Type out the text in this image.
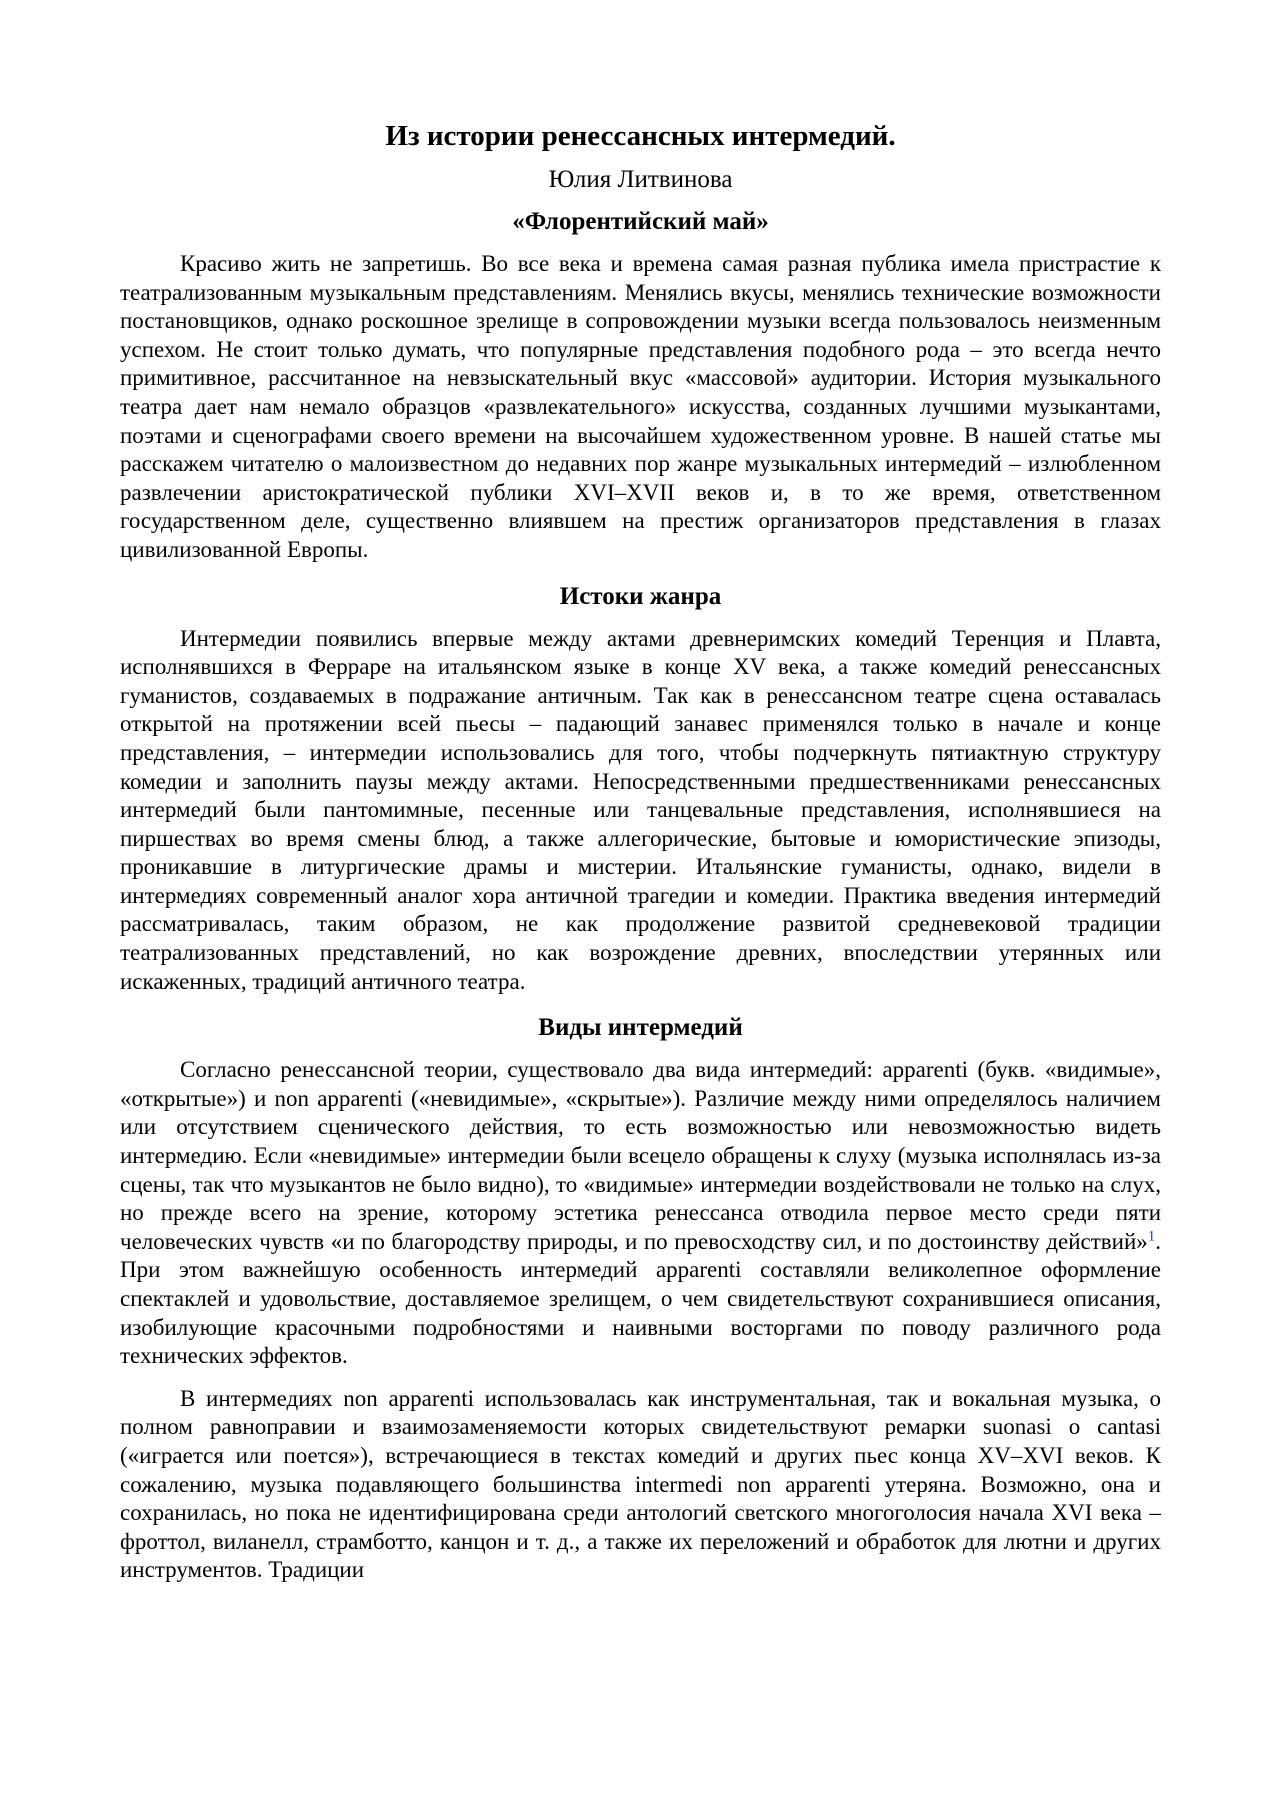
Из истории ренессансных интермедий.
Юлия Литвинова
«Флорентийский май»

Красиво жить не запретишь. Во все века и времена самая разная публика имела пристрастие к театрализованным музыкальным представлениям. Менялись вкусы, менялись технические возможности постановщиков, однако роскошное зрелище в сопровождении музыки всегда пользовалось неизменным успехом. Не стоит только думать, что популярные представления подобного рода – это всегда нечто примитивное, рассчитанное на невзыскательный вкус «массовой» аудитории. История музыкального театра дает нам немало образцов «развлекательного» искусства, созданных лучшими музыкантами, поэтами и сценографами своего времени на высочайшем художественном уровне. В нашей статье мы расскажем читателю о малоизвестном до недавних пор жанре музыкальных интермедий – излюбленном развлечении аристократической публики XVI–XVII веков и, в то же время, ответственном государственном деле, существенно влиявшем на престиж организаторов представления в глазах цивилизованной Европы.

Истоки жанра

Интермедии появились впервые между актами древнеримских комедий Теренция и Плавта, исполнявшихся в Ферраре на итальянском языке в конце XV века, а также комедий ренессансных гуманистов, создаваемых в подражание античным. Так как в ренессансном театре сцена оставалась открытой на протяжении всей пьесы – падающий занавес применялся только в начале и конце представления, – интермедии использовались для того, чтобы подчеркнуть пятиактную структуру комедии и заполнить паузы между актами. Непосредственными предшественниками ренессансных интермедий были пантомимные, песенные или танцевальные представления, исполнявшиеся на пиршествах во время смены блюд, а также аллегорические, бытовые и юмористические эпизоды, проникавшие в литургические драмы и мистерии. Итальянские гуманисты, однако, видели в интермедиях современный аналог хора античной трагедии и комедии. Практика введения интермедий рассматривалась, таким образом, не как продолжение развитой средневековой традиции театрализованных представлений, но как возрождение древних, впоследствии утерянных или искаженных, традиций античного театра.

Виды интермедий

Согласно ренессансной теории, существовало два вида интермедий: apparenti (букв. «видимые», «открытые») и non apparenti («невидимые», «скрытые»). Различие между ними определялось наличием или отсутствием сценического действия, то есть возможностью или невозможностью видеть интермедию. Если «невидимые» интермедии были всецело обращены к слуху (музыка исполнялась из-за сцены, так что музыкантов не было видно), то «видимые» интермедии воздействовали не только на слух, но прежде всего на зрение, которому эстетика ренессанса отводила первое место среди пяти человеческих чувств «и по благородству природы, и по превосходству сил, и по достоинству действий»$^1$. При этом важнейшую особенность интермедий apparenti составляли великолепное оформление спектаклей и удовольствие, доставляемое зрелищем, о чем свидетельствуют сохранившиеся описания, изобилующие красочными подробностями и наивными восторгами по поводу различного рода технических эффектов.

В интермедиях non apparenti использовалась как инструментальная, так и вокальная музыка, о полном равноправии и взаимозаменяемости которых свидетельствуют ремарки suonasi o cantasi («играется или поется»), встречающиеся в текстах комедий и других пьес конца XV–XVI веков. К сожалению, музыка подавляющего большинства intermedi non apparenti утеряна. Возможно, она и сохранилась, но пока не идентифицирована среди антологий светского многоголосия начала XVI века – фроттол, виланелл, страмботто, канцон и т. д., а также их переложений и обработок для лютни и других инструментов. Традиции
